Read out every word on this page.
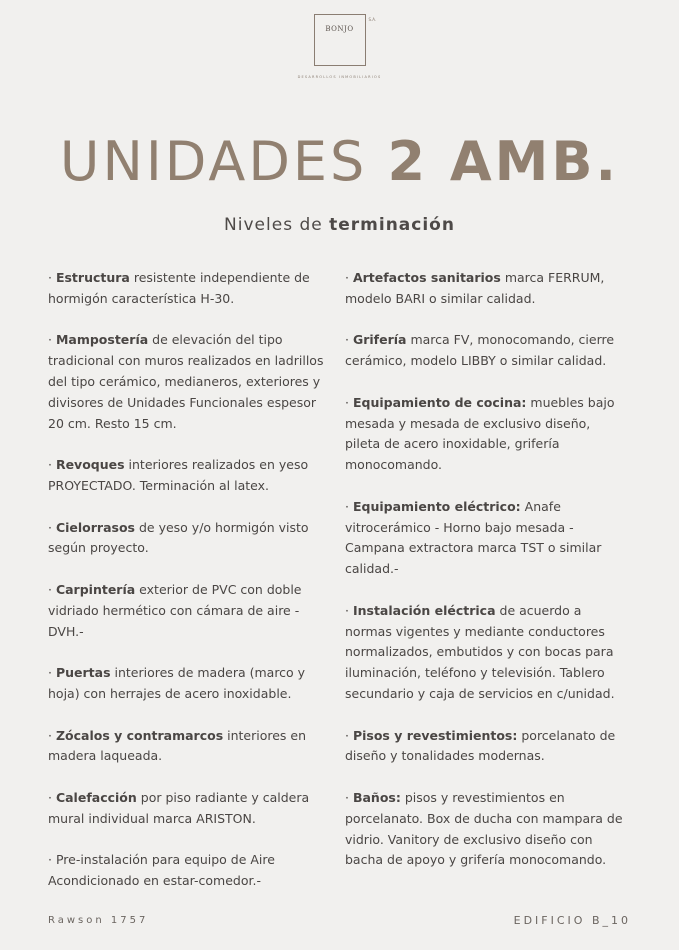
BONJO
S.A.
DESARROLLOS INMOBILIARIOS
UNIDADES 2 AMB.
Niveles de terminación

· Estructura resistente independiente de hormigón característica H-30.

· Mampostería de elevación del tipo tradicional con muros realizados en ladrillos del tipo cerámico, medianeros, exteriores y divisores de Unidades Funcionales espesor 20 cm. Resto 15 cm.

· Revoques interiores realizados en yeso PROYECTADO. Terminación al latex.

· Cielorrasos de yeso y/o hormigón visto según proyecto.

· Carpintería exterior de PVC con doble vidriado hermético con cámara de aire - DVH.-

· Puertas interiores de madera (marco y hoja) con herrajes de acero inoxidable.

· Zócalos y contramarcos interiores en madera laqueada.

· Calefacción por piso radiante y caldera mural individual marca ARISTON.

· Pre-instalación para equipo de Aire Acondicionado en estar-comedor.-

· Artefactos sanitarios marca FERRUM, modelo BARI o similar calidad.

· Grifería marca FV, monocomando, cierre cerámico, modelo LIBBY o similar calidad.

· Equipamiento de cocina: muebles bajo mesada y mesada de exclusivo diseño, pileta de acero inoxidable, grifería monocomando.

· Equipamiento eléctrico: Anafe vitrocerámico - Horno bajo mesada - Campana extractora marca TST o similar calidad.-

· Instalación eléctrica de acuerdo a normas vigentes y mediante conductores normalizados, embutidos y con bocas para iluminación, teléfono y televisión. Tablero secundario y caja de servicios en c/unidad.

· Pisos y revestimientos: porcelanato de diseño y tonalidades modernas.

· Baños: pisos y revestimientos en porcelanato. Box de ducha con mampara de vidrio. Vanitory de exclusivo diseño con bacha de apoyo y grifería monocomando.

Rawson 1757	EDIFICIO B_10
